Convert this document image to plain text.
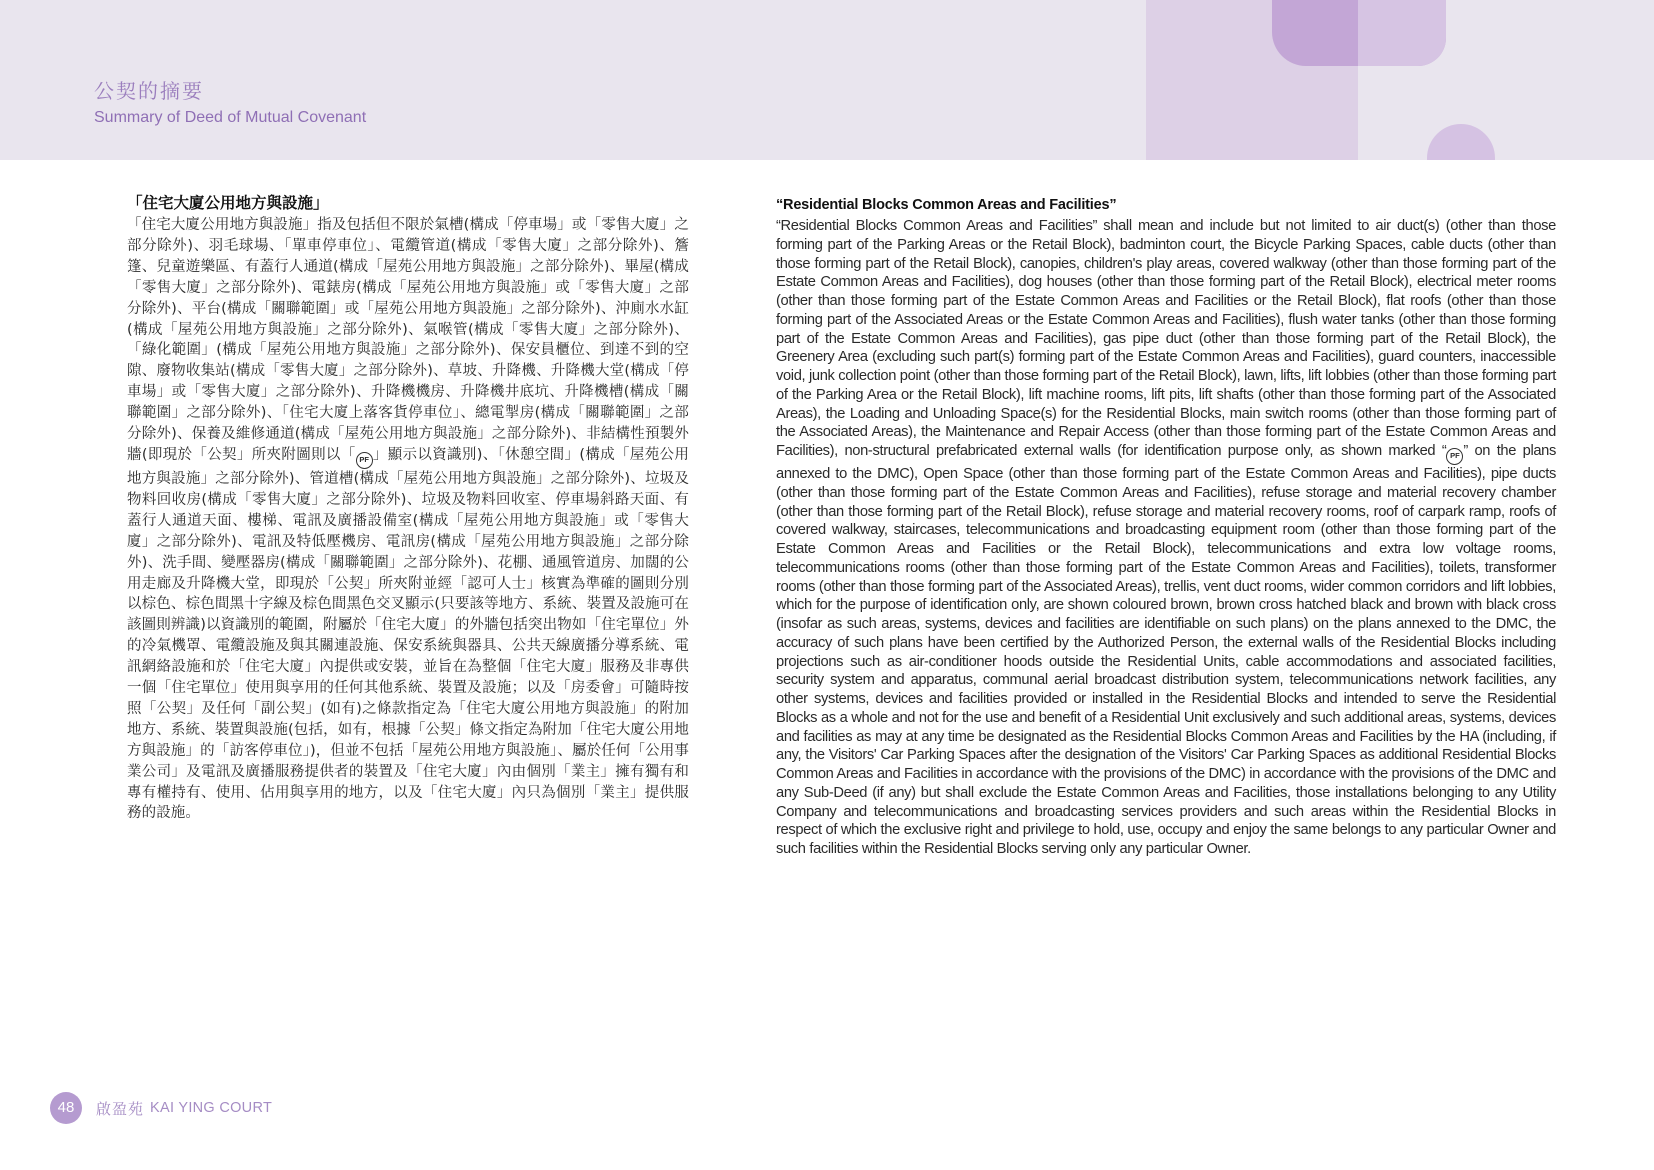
公契的摘要
Summary of Deed of Mutual Covenant
「住宅大廈公用地方與設施」

「住宅大廈公用地方與設施」指及包括但不限於氣槽(構成「停車場」或「零售大廈」之部分除外)、羽毛球場、「單車停車位」、電纜管道(構成「零售大廈」之部分除外)、簷篷、兒童遊樂區、有蓋行人通道(構成「屋苑公用地方與設施」之部分除外)、畢屋(構成「零售大廈」之部分除外)、電錶房(構成「屋苑公用地方與設施」或「零售大廈」之部分除外)、平台(構成「關聯範圍」或「屋苑公用地方與設施」之部分除外)、沖廁水水缸(構成「屋苑公用地方與設施」之部分除外)、氣喉管(構成「零售大廈」之部分除外)、「綠化範圍」(構成「屋苑公用地方與設施」之部分除外)、保安員櫃位、到達不到的空隙、廢物收集站(構成「零售大廈」之部分除外)、草坡、升降機、升降機大堂(構成「停車場」或「零售大廈」之部分除外)、升降機機房、升降機井底坑、升降機槽(構成「關聯範圍」之部分除外)、「住宅大廈上落客貨停車位」、總電掣房(構成「關聯範圍」之部分除外)、保養及維修通道(構成「屋苑公用地方與設施」之部分除外)、非結構性預製外牆(即現於「公契」所夾附圖則以「 PF 」顯示以資識別)、「休憩空間」(構成「屋苑公用地方與設施」之部分除外)、管道槽(構成「屋苑公用地方與設施」之部分除外)、垃圾及物料回收房(構成「零售大廈」之部分除外)、垃圾及物料回收室、停車場斜路天面、有蓋行人通道天面、樓梯、電訊及廣播設備室(構成「屋苑公用地方與設施」或「零售大廈」之部分除外)、電訊及特低壓機房、電訊房(構成「屋苑公用地方與設施」之部分除外)、洗手間、變壓器房(構成「關聯範圍」之部分除外)、花棚、通風管道房、加闊的公用走廊及升降機大堂，即現於「公契」所夾附並經「認可人士」核實為準確的圖則分別以棕色、棕色間黑十字線及棕色間黑色交叉顯示(只要該等地方、系統、裝置及設施可在該圖則辨識)以資識別的範圍，附屬於「住宅大廈」的外牆包括突出物如「住宅單位」外的冷氣機罩、電纜設施及與其關連設施、保安系統與器具、公共天線廣播分導系統、電訊網絡設施和於「住宅大廈」內提供或安裝，並旨在為整個「住宅大廈」服務及非專供一個「住宅單位」使用與享用的任何其他系統、裝置及設施；以及「房委會」可隨時按照「公契」及任何「副公契」(如有)之條款指定為「住宅大廈公用地方與設施」的附加地方、系統、裝置與設施(包括，如有，根據「公契」條文指定為附加「住宅大廈公用地方與設施」的「訪客停車位」)，但並不包括「屋苑公用地方與設施」、屬於任何「公用事業公司」及電訊及廣播服務提供者的裝置及「住宅大廈」內由個別「業主」擁有獨有和專有權持有、使用、佔用與享用的地方，以及「住宅大廈」內只為個別「業主」提供服務的設施。

“Residential Blocks Common Areas and Facilities”

“Residential Blocks Common Areas and Facilities” shall mean and include but not limited to air duct(s) (other than those forming part of the Parking Areas or the Retail Block), badminton court, the Bicycle Parking Spaces, cable ducts (other than those forming part of the Retail Block), canopies, children's play areas, covered walkway (other than those forming part of the Estate Common Areas and Facilities), dog houses (other than those forming part of the Retail Block), electrical meter rooms (other than those forming part of the Estate Common Areas and Facilities or the Retail Block), flat roofs (other than those forming part of the Associated Areas or the Estate Common Areas and Facilities), flush water tanks (other than those forming part of the Estate Common Areas and Facilities), gas pipe duct (other than those forming part of the Retail Block), the Greenery Area (excluding such part(s) forming part of the Estate Common Areas and Facilities), guard counters, inaccessible void, junk collection point (other than those forming part of the Retail Block), lawn, lifts, lift lobbies (other than those forming part of the Parking Area or the Retail Block), lift machine rooms, lift pits, lift shafts (other than those forming part of the Associated Areas), the Loading and Unloading Space(s) for the Residential Blocks, main switch rooms (other than those forming part of the Associated Areas), the Maintenance and Repair Access (other than those forming part of the Estate Common Areas and Facilities), non-structural prefabricated external walls (for identification purpose only, as shown marked “ PF ” on the plans annexed to the DMC), Open Space (other than those forming part of the Estate Common Areas and Facilities), pipe ducts (other than those forming part of the Estate Common Areas and Facilities), refuse storage and material recovery chamber (other than those forming part of the Retail Block), refuse storage and material recovery rooms, roof of carpark ramp, roofs of covered walkway, staircases, telecommunications and broadcasting equipment room (other than those forming part of the Estate Common Areas and Facilities or the Retail Block), telecommunications and extra low voltage rooms, telecommunications rooms (other than those forming part of the Estate Common Areas and Facilities), toilets, transformer rooms (other than those forming part of the Associated Areas), trellis, vent duct rooms, wider common corridors and lift lobbies, which for the purpose of identification only, are shown coloured brown, brown cross hatched black and brown with black cross (insofar as such areas, systems, devices and facilities are identifiable on such plans) on the plans annexed to the DMC, the accuracy of such plans have been certified by the Authorized Person, the external walls of the Residential Blocks including projections such as air-conditioner hoods outside the Residential Units, cable accommodations and associated facilities, security system and apparatus, communal aerial broadcast distribution system, telecommunications network facilities, any other systems, devices and facilities provided or installed in the Residential Blocks and intended to serve the Residential Blocks as a whole and not for the use and benefit of a Residential Unit exclusively and such additional areas, systems, devices and facilities as may at any time be designated as the Residential Blocks Common Areas and Facilities by the HA (including, if any, the Visitors' Car Parking Spaces after the designation of the Visitors' Car Parking Spaces as additional Residential Blocks Common Areas and Facilities in accordance with the provisions of the DMC) in accordance with the provisions of the DMC and any Sub-Deed (if any) but shall exclude the Estate Common Areas and Facilities, those installations belonging to any Utility Company and telecommunications and broadcasting services providers and such areas within the Residential Blocks in respect of which the exclusive right and privilege to hold, use, occupy and enjoy the same belongs to any particular Owner and such facilities within the Residential Blocks serving only any particular Owner.

48	啟盈苑 KAI YING COURT
